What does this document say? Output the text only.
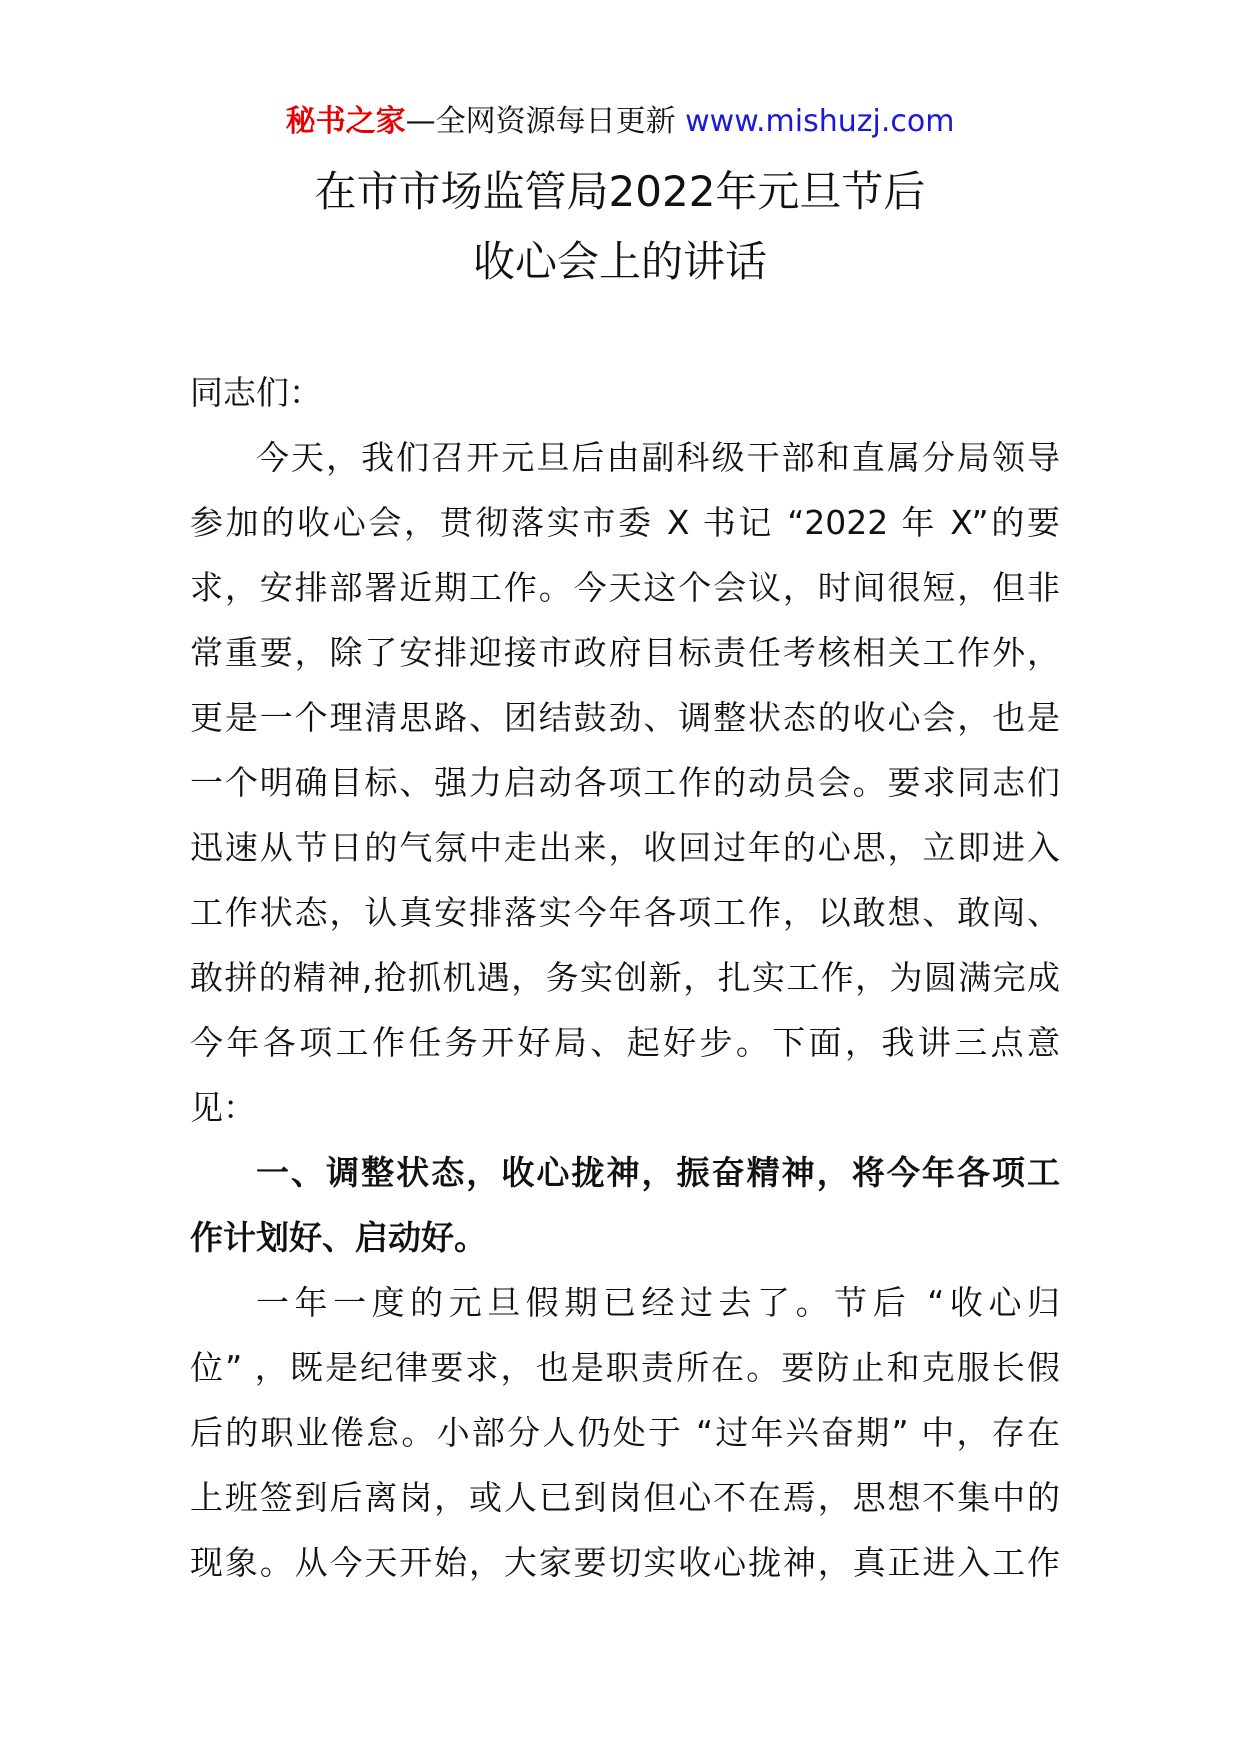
秘书之家—全网资源每日更新 www.mishuzj.com
在市市场监管局2022年元旦节后
收心会上的讲话
同志们：
今天，我们召开元旦后由副科级干部和直属分局领导
参加的收心会，贯彻落实市委 X 书记 “2022 年 X”的要
求，安排部署近期工作。今天这个会议，时间很短，但非
常重要，除了安排迎接市政府目标责任考核相关工作外，
更是一个理清思路、团结鼓劲、调整状态的收心会，也是
一个明确目标、强力启动各项工作的动员会。要求同志们
迅速从节日的气氛中走出来，收回过年的心思，立即进入
工作状态，认真安排落实今年各项工作，以敢想、敢闯、
敢拼的精神,抢抓机遇，务实创新，扎实工作，为圆满完成
今年各项工作任务开好局、起好步。下面，我讲三点意
见：
一、调整状态，收心拢神，振奋精神，将今年各项工
作计划好、启动好。
一年一度的元旦假期已经过去了。节后 “收心归
位” ，既是纪律要求，也是职责所在。要防止和克服长假
后的职业倦怠。小部分人仍处于 “过年兴奋期” 中，存在
上班签到后离岗，或人已到岗但心不在焉，思想不集中的
现象。从今天开始，大家要切实收心拢神，真正进入工作
